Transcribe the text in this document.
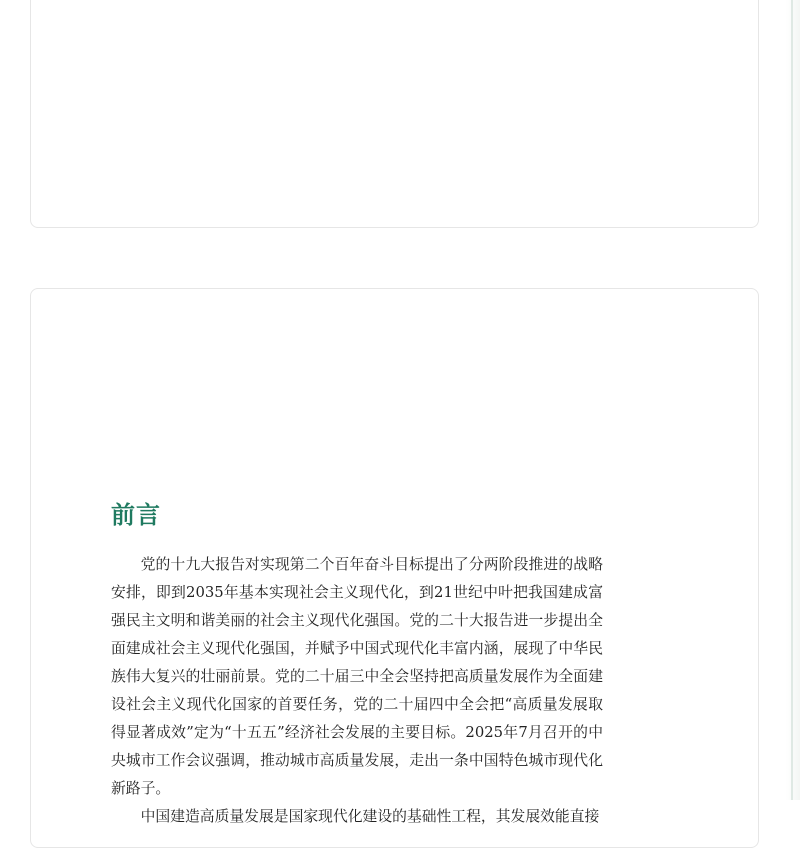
前言

党的十九大报告对实现第二个百年奋斗目标提出了分两阶段推进的战略安排，即到2035年基本实现社会主义现代化，到21世纪中叶把我国建成富强民主文明和谐美丽的社会主义现代化强国。党的二十大报告进一步提出全面建成社会主义现代化强国，并赋予中国式现代化丰富内涵，展现了中华民族伟大复兴的壮丽前景。党的二十届三中全会坚持把高质量发展作为全面建设社会主义现代化国家的首要任务，党的二十届四中全会把“高质量发展取得显著成效”定为“十五五”经济社会发展的主要目标。2025年7月召开的中央城市工作会议强调，推动城市高质量发展，走出一条中国特色城市现代化新路子。

中国建造高质量发展是国家现代化建设的基础性工程，其发展效能直接
